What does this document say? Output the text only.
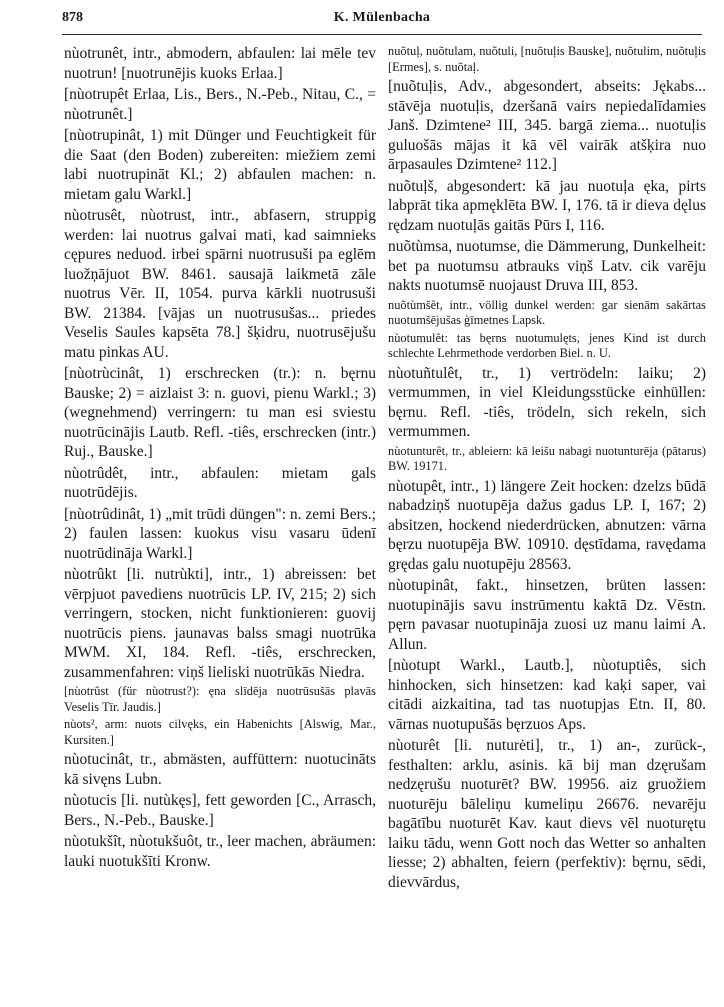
878	K. Mülenbacha

nùotrunêt, intr., abmodern, abfaulen: lai mēle tev nuotrun! [nuotrunējis kuoks Erlaa.]

[nùotrupêt Erlaa, Lis., Bers., N.-Peb., Nitau, C., = nùotrunêt.]

[nùotrupinât, 1) mit Dünger und Feuchtigkeit für die Saat (den Boden) zubereiten: miežiem zemi labi nuotrupināt Kl.; 2) abfaulen machen: n. mietam galu Warkl.]

nùotrusêt, nùotrust, intr., abfasern, struppig werden: lai nuotrus galvai mati, kad saimnieks cępures neduod. irbei spārni nuotrusuši pa eglēm luožņājuot BW. 8461. sausajā laikmetā zāle nuotrus Vēr. II, 1054. purva kārkli nuotrusuši BW. 21384. [vājas un nuotrusušas... priedes Veselis Saules kapsēta 78.] šķidru, nuotrusējušu matu pinkas AU.

[nùotrùcinât, 1) erschrecken (tr.): n. bęrnu Bauske; 2) = aizlaist 3: n. guovi, pienu Warkl.; 3) (wegnehmend) verringern: tu man esi sviestu nuotrūcinājis Lautb. Refl. -tiês, erschrecken (intr.) Ruj., Bauske.]

nùotrûdêt, intr., abfaulen: mietam gals nuotrūdējis.

[nùotrûdinât, 1) „mit trūdi düngen": n. zemi Bers.; 2) faulen lassen: kuokus visu vasaru ūdenī nuotrūdināja Warkl.]

nùotrûkt [li. nutrùkti], intr., 1) abreissen: bet vērpjuot pavediens nuotrūcis LP. IV, 215; 2) sich verringern, stocken, nicht funktionieren: guovij nuotrūcis piens. jaunavas balss smagi nuotrūka MWM. XI, 184. Refl. -tiês, erschrecken, zusammenfahren: viņš lieliski nuotrūkās Niedra.

[nùotrûst (für nùotrust?): ęna slīdēja nuotrūsušās plavās Veselis Tīr. Jaudis.]

nùots², arm: nuots cilvęks, ein Habenichts [Alswig, Mar., Kursiten.]

nùotucinât, tr., abmästen, auffüttern: nuotucināts kā sivęns Lubn.

nùotucis [li. nutùkęs], fett geworden [C., Arrasch, Bers., N.-Peb., Bauske.]

nùotukšît, nùotukšuôt, tr., leer machen, abräumen: lauki nuotukšīti Kronw.

nuõtuļ, nuõtulam, nuõtuli, [nuõtuļis Bauske], nuõtulim, nuõtuļis [Ermes], s. nuõtaļ.

[nuõtuļis, Adv., abgesondert, abseits: Jękabs... stāvēja nuotuļis, dzeršanā vairs nepiedalīdamies Janš. Dzimtene² III, 345. bargā ziema... nuotuļis guluošās mājas it kā vēl vairāk atšķira nuo ārpasaules Dzimtene² 112.]

nuõtuļš, abgesondert: kā jau nuotuļa ęka, pirts labprāt tika apmęklēta BW. I, 176. tā ir dieva dęlus rędzam nuotuļās gaitās Pūrs I, 116.

nuõtùmsa, nuotumse, die Dämmerung, Dunkelheit: bet pa nuotumsu atbrauks viņš Latv. cik varēju nakts nuotumsē nuojaust Druva III, 853.

nuõtùmšêt, intr., völlig dunkel werden: gar sienām sakārtas nuotumšējušas ģīmetnes Lapsk.

nùotumulêt: tas bęrns nuotumulęts, jenes Kind ist durch schlechte Lehrmethode verdorben Biel. n. U.

nùotuñtulêt, tr., 1) vertrödeln: laiku; 2) vermummen, in viel Kleidungsstücke einhüllen: bęrnu. Refl. -tiês, trödeln, sich rekeln, sich vermummen.

nùotunturêt, tr., ableiern: kā leišu nabagi nuotunturēja (pātarus) BW. 19171.

nùotupêt, intr., 1) längere Zeit hocken: dzelzs būdā nabadziņš nuotupēja dažus gadus LP. I, 167; 2) absitzen, hockend niederdrücken, abnutzen: vārna bęrzu nuotupēja BW. 10910. dęstīdama, ravędama grędas galu nuotupēju 28563.

nùotupinât, fakt., hinsetzen, brüten lassen: nuotupinājis savu instrūmentu kaktā Dz. Vēstn. pęrn pavasar nuotupināja zuosi uz manu laimi A. Allun.

[nùotupt Warkl., Lautb.], nùotuptiês, sich hinhocken, sich hinsetzen: kad kaķi saper, vai citādi aizkaitina, tad tas nuotupjas Etn. II, 80. vārnas nuotupušās bęrzuos Aps.

nùoturêt [li. nuturėti], tr., 1) an-, zurück-, festhalten: arklu, asinis. kā bij man dzęrušam nedzęrušu nuoturēt? BW. 19956. aiz gruožiem nuoturēju bāleliņu kumeliņu 26676. nevarēju bagātību nuoturēt Kav. kaut dievs vēl nuoturętu laiku tādu, wenn Gott noch das Wetter so anhalten liesse; 2) abhalten, feiern (perfektiv): bęrnu, sēdi, dievvārdus,
